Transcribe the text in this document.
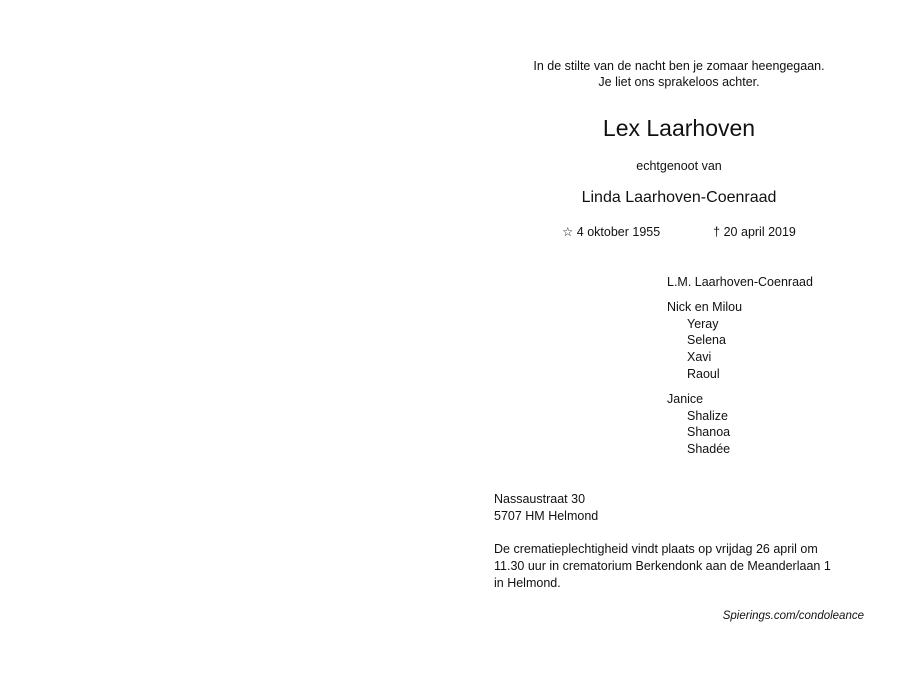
In de stilte van de nacht ben je zomaar heengegaan.
Je liet ons sprakeloos achter.
Lex Laarhoven
echtgenoot van
Linda Laarhoven-Coenraad
☆ 4 oktober 1955	† 20 april 2019
L.M. Laarhoven-Coenraad
Nick en Milou
Yeray
Selena
Xavi
Raoul
Janice
Shalize
Shanoa
Shadée
Nassaustraat 30
5707 HM Helmond
De crematieplechtigheid vindt plaats op vrijdag 26 april om
11.30 uur in crematorium Berkendonk aan de Meanderlaan 1
in Helmond.
Spierings.com/condoleance
